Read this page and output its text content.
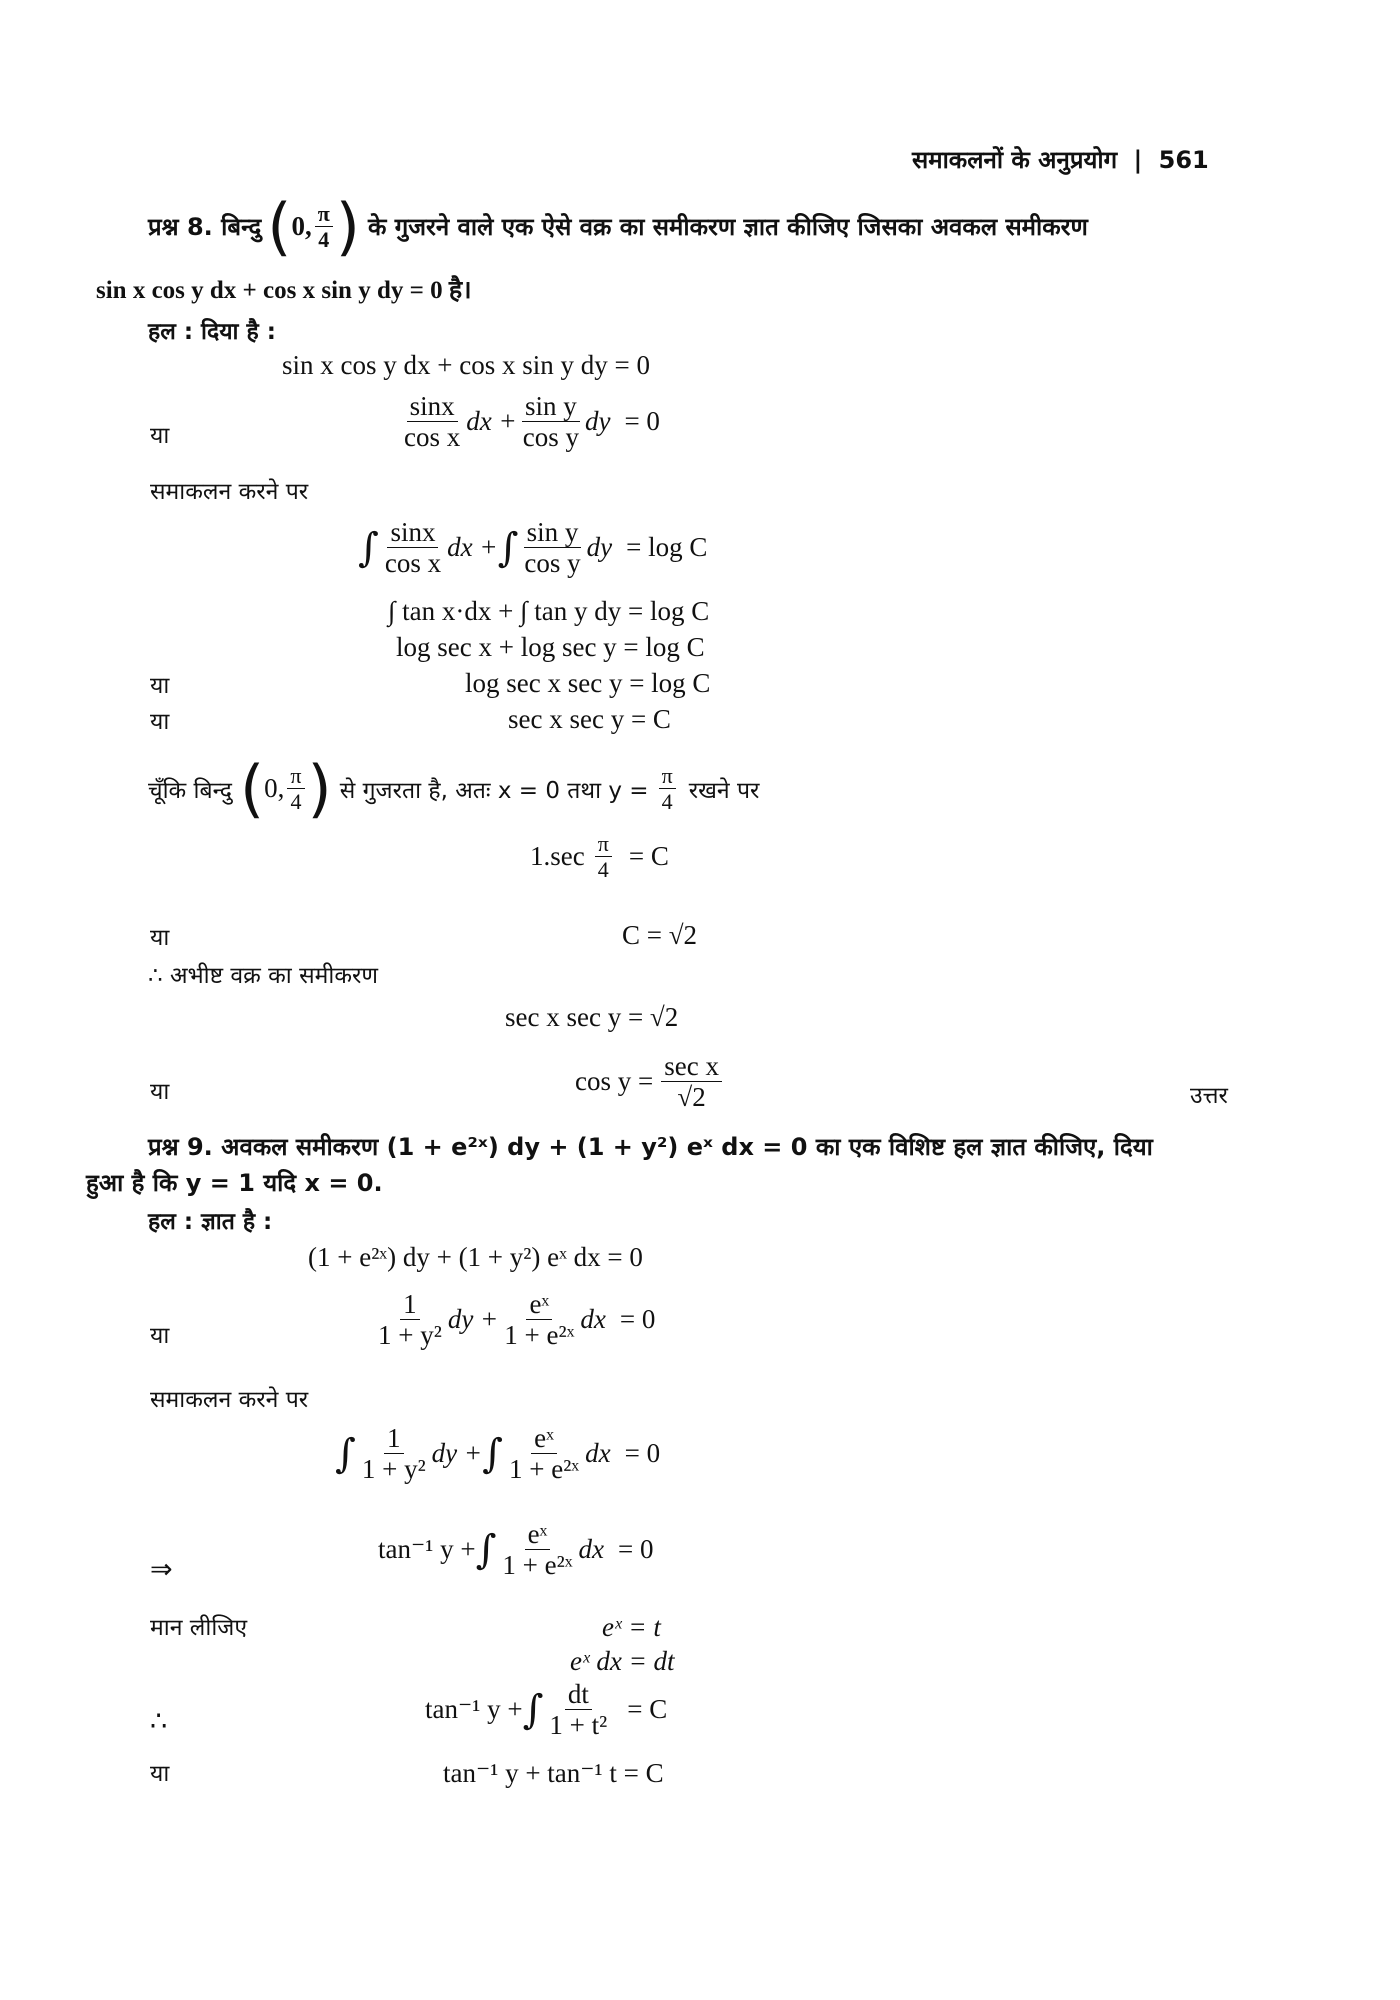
समाकलनों के अनुप्रयोग | 561
प्रश्न 8. बिन्दु ( 0, $\frac{\pi}{4}$ ) के गुजरने वाले एक ऐसे वक्र का समीकरण ज्ञात कीजिए जिसका अवकल समीकरण
sin x cos y dx + cos x sin y dy = 0 है।
हल : दिया है :
sin x cos y dx + cos x sin y dy = 0
या	$\frac{\sin x}{\text{cos x}}$ dx + $\frac{\text{sin y}}{\text{cos y}}$ dy = 0
समाकलन करने पर
∫ $\frac{\sin x}{\text{cos x}}$ dx + ∫ $\frac{\text{sin y}}{\text{cos y}}$ dy = log C
∫ tan x·dx + ∫ tan y dy = log C
log sec x + log sec y = log C
या	log sec x sec y = log C
या	sec x sec y = C
चूँकि बिन्दु ( 0, $\frac{\pi}{4}$ ) से गुजरता है, अतः x = 0 तथा $y = \frac{\pi}{4}$ रखने पर
$1.\sec \frac{\pi}{4} = C$
या	C = √2
∴ अभीष्ट वक्र का समीकरण
sec x sec y = √2
या	$\cos y = \frac{\text{sec x}}{√2}$	उत्तर
प्रश्न 9. अवकल समीकरण (1 + e²ˣ) dy + (1 + y²) eˣ dx = 0 का एक विशिष्ट हल ज्ञात कीजिए, दिया
हुआ है कि y = 1 यदि x = 0.
हल : ज्ञात है :
(1 + e²ˣ) dy + (1 + y²) eˣ dx = 0
या	$\frac{1}{\text{1 + y²}}$ dy + $\frac{\text{eˣ}}{\text{1 + e²ˣ}}$ dx = 0
समाकलन करने पर
∫ $\frac{1}{\text{1 + y²}}$ dy + ∫ $\frac{\text{eˣ}}{\text{1 + e²ˣ}}$ dx = 0
⇒
tan⁻¹ y + ∫ $\frac{\text{eˣ}}{\text{1 + e²ˣ}}$ dx = 0
मान लीजिए	eˣ = t
eˣ dx = dt
∴	tan⁻¹ y + ∫ $\frac{dt}{\text{1 + t²}} = C$
या	tan⁻¹ y + tan⁻¹ t = C
